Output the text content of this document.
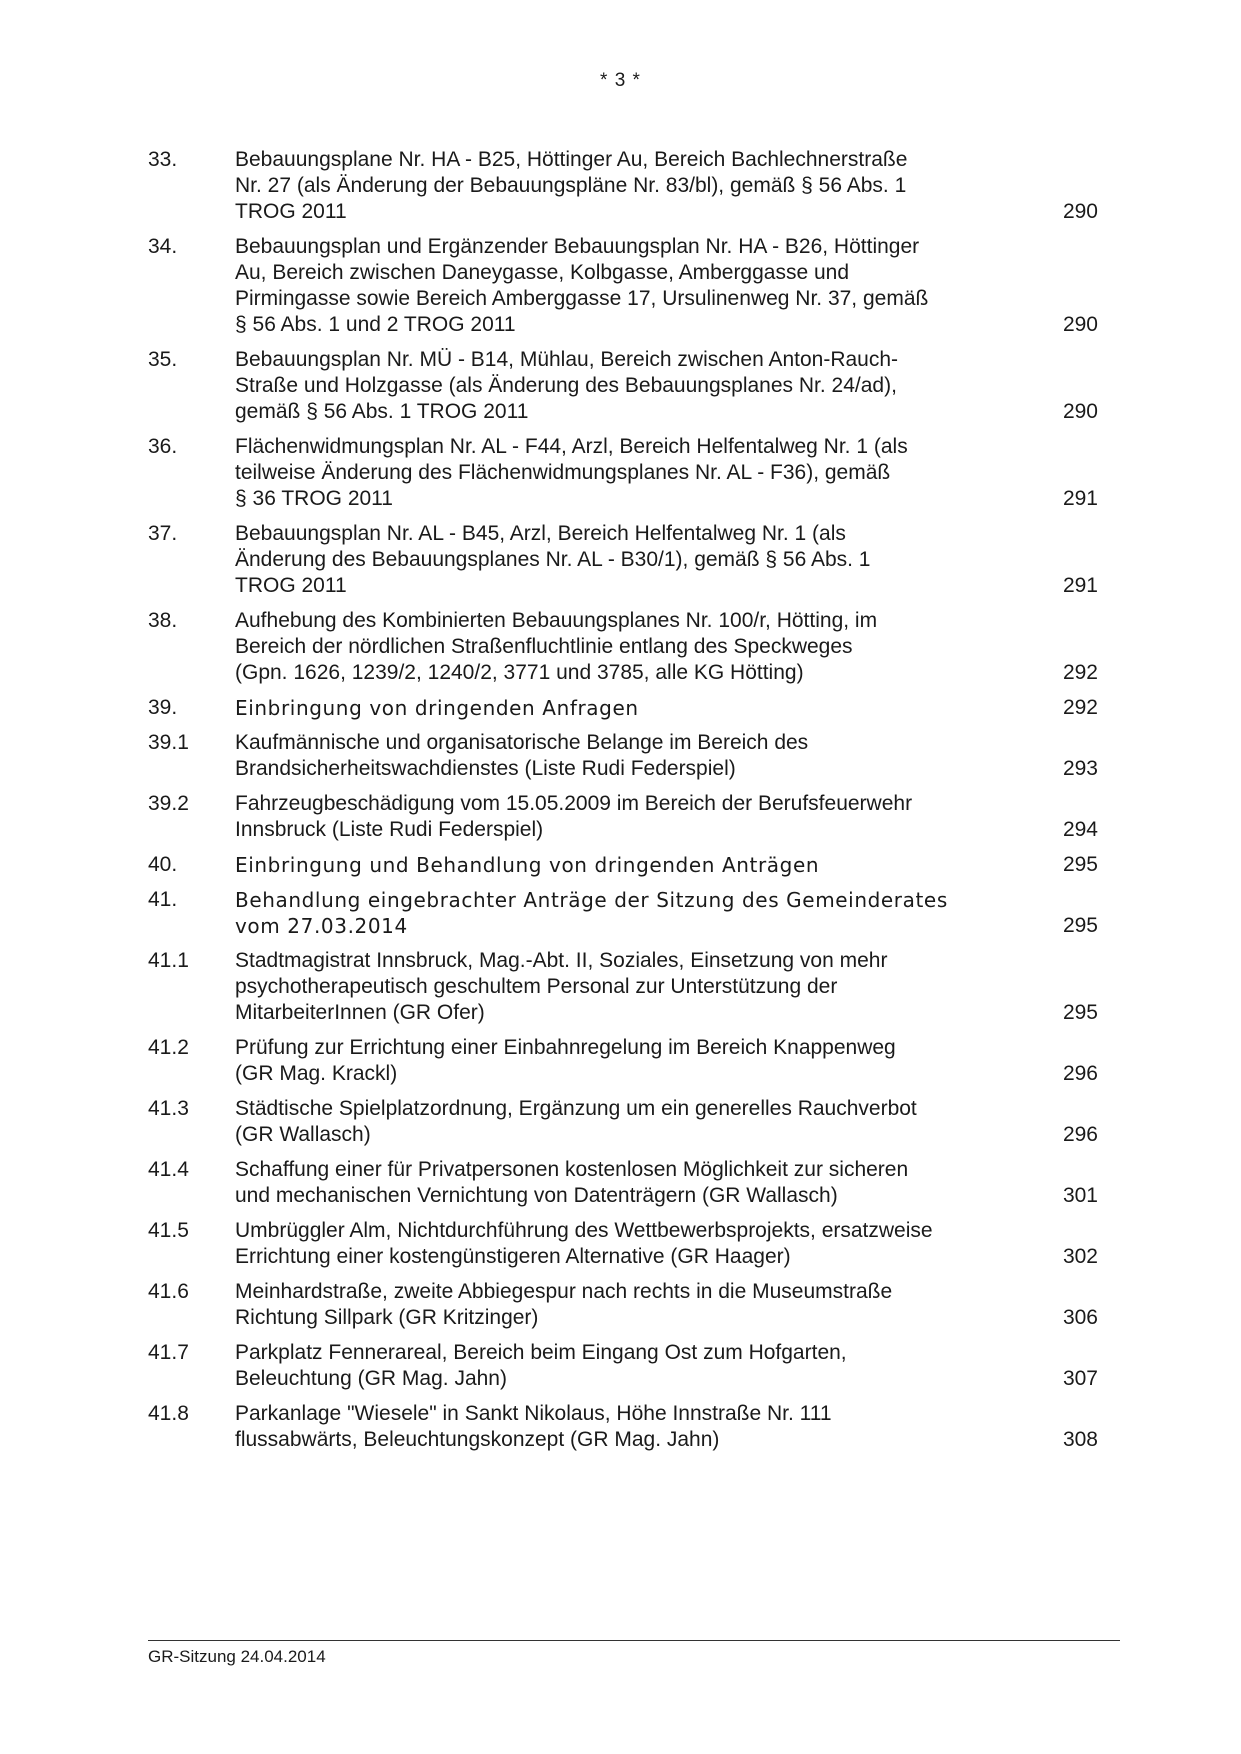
* 3 *
33.	Bebauungsplane Nr. HA - B25, Höttinger Au, Bereich Bachlechnerstraße
Nr. 27 (als Änderung der Bebauungspläne Nr. 83/bl), gemäß § 56 Abs. 1
TROG 2011	290
34.	Bebauungsplan und Ergänzender Bebauungsplan Nr. HA - B26, Höttinger
Au, Bereich zwischen Daneygasse, Kolbgasse, Amberggasse und
Pirmingasse sowie Bereich Amberggasse 17, Ursulinenweg Nr. 37, gemäß
§ 56 Abs. 1 und 2 TROG 2011	290
35.	Bebauungsplan Nr. MÜ - B14, Mühlau, Bereich zwischen Anton-Rauch-
Straße und Holzgasse (als Änderung des Bebauungsplanes Nr. 24/ad),
gemäß § 56 Abs. 1 TROG 2011	290
36.	Flächenwidmungsplan Nr. AL - F44, Arzl, Bereich Helfentalweg Nr. 1 (als
teilweise Änderung des Flächenwidmungsplanes Nr. AL - F36), gemäß
§ 36 TROG 2011	291
37.	Bebauungsplan Nr. AL - B45, Arzl, Bereich Helfentalweg Nr. 1 (als
Änderung des Bebauungsplanes Nr. AL - B30/1), gemäß § 56 Abs. 1
TROG 2011	291
38.	Aufhebung des Kombinierten Bebauungsplanes Nr. 100/r, Hötting, im
Bereich der nördlichen Straßenfluchtlinie entlang des Speckweges
(Gpn. 1626, 1239/2, 1240/2, 3771 und 3785, alle KG Hötting)	292
39.	Einbringung von dringenden Anfragen	292
39.1 Kaufmännische und organisatorische Belange im Bereich des
Brandsicherheitswachdienstes (Liste Rudi Federspiel)	293
39.2 Fahrzeugbeschädigung vom 15.05.2009 im Bereich der Berufsfeuerwehr
Innsbruck (Liste Rudi Federspiel)	294
40.	Einbringung und Behandlung von dringenden Anträgen	295
41.	Behandlung eingebrachter Anträge der Sitzung des Gemeinderates
vom 27.03.2014	295
41.1 Stadtmagistrat Innsbruck, Mag.-Abt. II, Soziales, Einsetzung von mehr
psychotherapeutisch geschultem Personal zur Unterstützung der
MitarbeiterInnen (GR Ofer)	295
41.2 Prüfung zur Errichtung einer Einbahnregelung im Bereich Knappenweg
(GR Mag. Krackl)	296
41.3 Städtische Spielplatzordnung, Ergänzung um ein generelles Rauchverbot
(GR Wallasch)	296
41.4 Schaffung einer für Privatpersonen kostenlosen Möglichkeit zur sicheren
und mechanischen Vernichtung von Datenträgern (GR Wallasch)	301
41.5 Umbrüggler Alm, Nichtdurchführung des Wettbewerbsprojekts, ersatzweise
Errichtung einer kostengünstigeren Alternative (GR Haager)	302
41.6 Meinhardstraße, zweite Abbiegespur nach rechts in die Museumstraße
Richtung Sillpark (GR Kritzinger)	306
41.7 Parkplatz Fennerareal, Bereich beim Eingang Ost zum Hofgarten,
Beleuchtung (GR Mag. Jahn)	307
41.8 Parkanlage "Wiesele" in Sankt Nikolaus, Höhe Innstraße Nr. 111
flussabwärts, Beleuchtungskonzept (GR Mag. Jahn)	308
GR-Sitzung 24.04.2014
